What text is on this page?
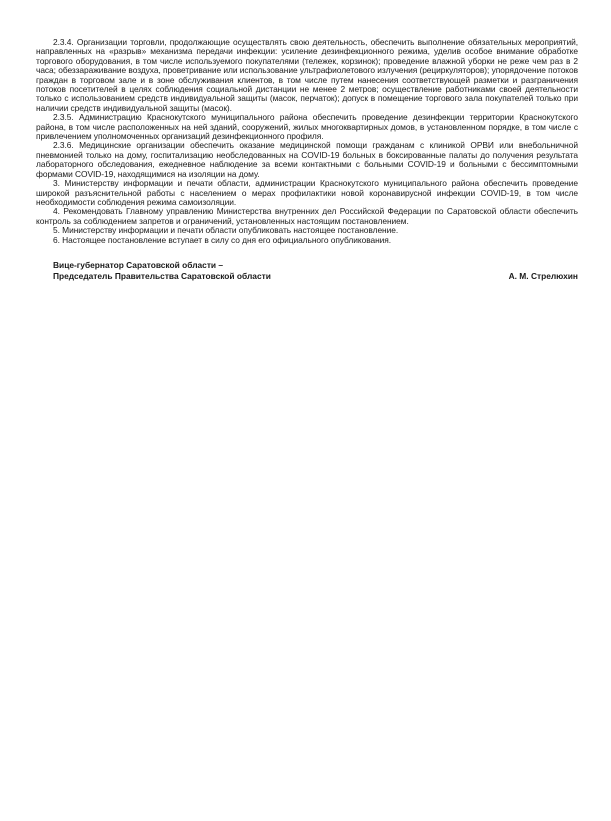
2.3.4. Организации торговли, продолжающие осуществлять свою деятельность, обеспечить выполнение обязательных мероприятий, направленных на «разрыв» механизма передачи инфекции: усиление дезинфекционного режима, уделив особое внимание обработке торгового оборудования, в том числе используемого покупателями (тележек, корзинок); проведение влажной уборки не реже чем раз в 2 часа; обеззараживание воздуха, проветривание или использование ультрафиолетового излучения (рециркуляторов); упорядочение потоков граждан в торговом зале и в зоне обслуживания клиентов, в том числе путем нанесения соответствующей разметки и разграничения потоков посетителей в целях соблюдения социальной дистанции не менее 2 метров; осуществление работниками своей деятельности только с использованием средств индивидуальной защиты (масок, перчаток); допуск в помещение торгового зала покупателей только при наличии средств индивидуальной защиты (масок).

2.3.5. Администрацию Краснокутского муниципального района обеспечить проведение дезинфекции территории Краснокутского района, в том числе расположенных на ней зданий, сооружений, жилых многоквартирных домов, в установленном порядке, в том числе с привлечением уполномоченных организаций дезинфекционного профиля.

2.3.6. Медицинские организации обеспечить оказание медицинской помощи гражданам с клиникой ОРВИ или внебольничной пневмонией только на дому, госпитализацию необследованных на COVID-19 больных в боксированные палаты до получения результата лабораторного обследования, ежедневное наблюдение за всеми контактными с больными COVID-19 и больными с бессимптомными формами COVID-19, находящимися на изоляции на дому.

3. Министерству информации и печати области, администрации Краснокутского муниципального района обеспечить проведение широкой разъяснительной работы с населением о мерах профилактики новой коронавирусной инфекции COVID-19, в том числе необходимости соблюдения режима самоизоляции.

4. Рекомендовать Главному управлению Министерства внутренних дел Российской Федерации по Саратовской области обеспечить контроль за соблюдением запретов и ограничений, установленных настоящим постановлением.

5. Министерству информации и печати области опубликовать настоящее постановление.

6. Настоящее постановление вступает в силу со дня его официального опубликования.

Вице-губернатор Саратовской области –
Председатель Правительства Саратовской области	А. М. Стрелюхин
